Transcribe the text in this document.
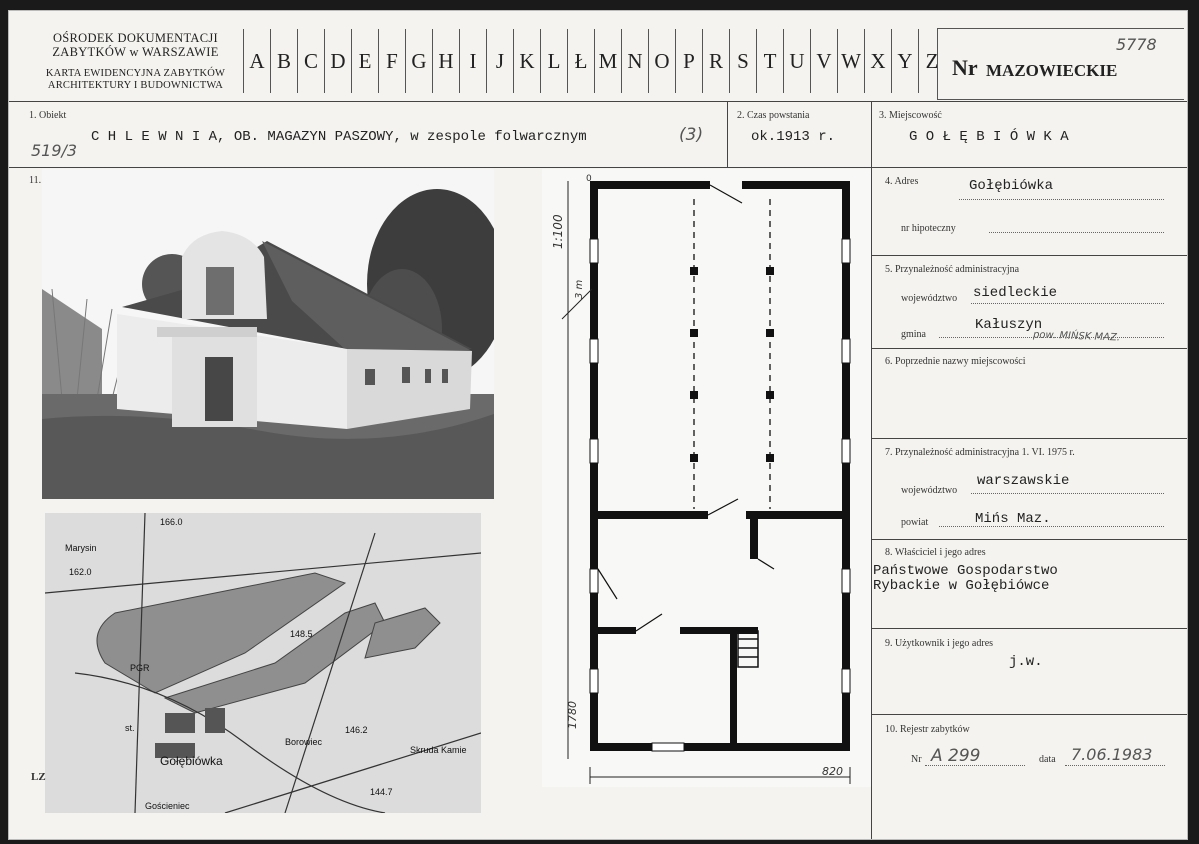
OŚRODEK DOKUMENTACJI
ZABYTKÓW w WARSZAWIE
KARTA EWIDENCYJNA ZABYTKÓW
ARCHITEKTURY I BUDOWNICTWA
A B C D E F G H I J K L Ł M N O P R S T U V W X Y Z Nr MAZOWIECKIE
5778
1. Obiekt
519/3
C H L E W N I A, OB. MAGAZYN PASZOWY, w zespole folwarcznym	(3)
2. Czas powstania
ok.1913 r.
3. Miejscowość
G O Ł Ę B I Ó W K A
11.
166.0
Marysin
162.0
PGR
148.5
st.	146.2
Borowiec
Skruda Kamie
Gołębiówka
144.7
Gościeniec
LZ
1:100
3 m
1780
820
0	4. Adres	Gołębiówka
nr hipoteczny
5. Przynależność administracyjna
województwo siedleckie
gmina
Kałuszyn
pow. MIŃSK MAZ.
6. Poprzednie nazwy miejscowości
7. Przynależność administracyjna 1. VI. 1975 r.
województwo
warszawskie
powiat	Mińs Maz.
8. Właściciel i jego adres
Państwowe Gospodarstwo
Rybackie w Gołębiówce
9. Użytkownik i jego adres
j.w.
10. Rejestr zabytków
Nr A 299	data 7.06.1983
